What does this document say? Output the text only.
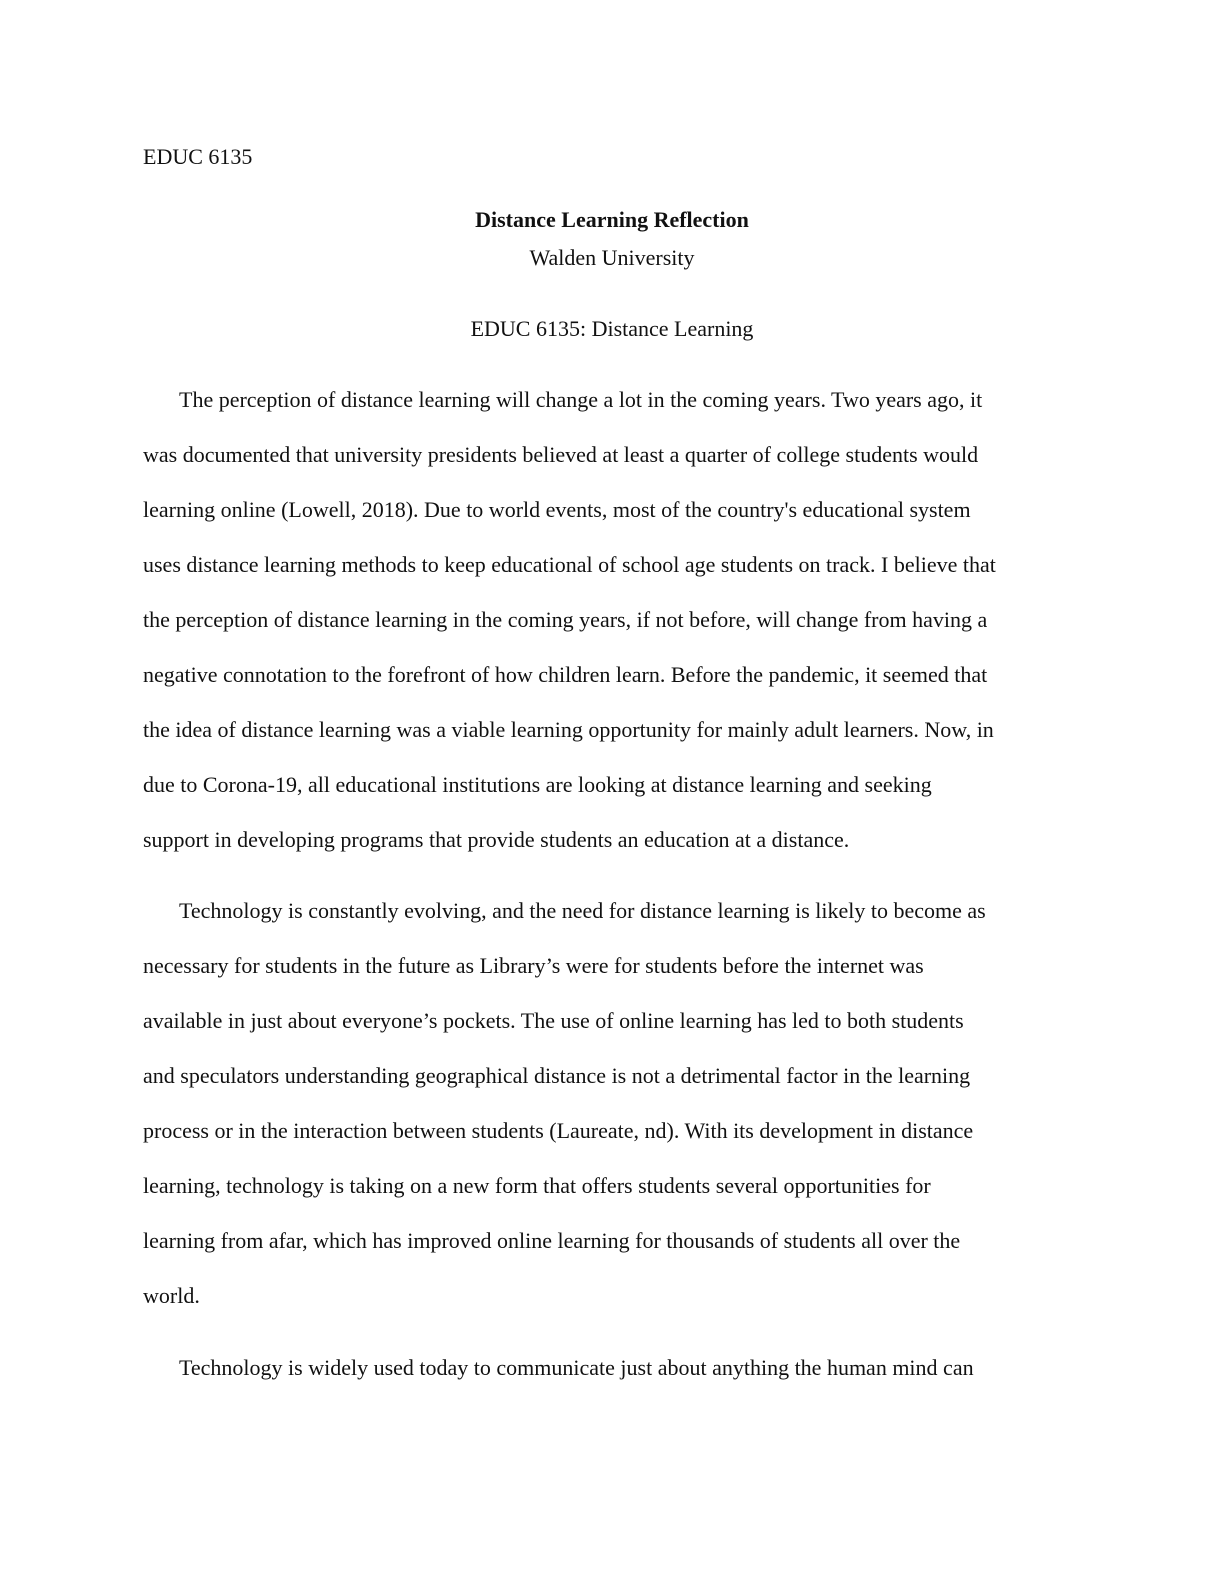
EDUC 6135
Distance Learning Reflection
Walden University
EDUC 6135: Distance Learning
The perception of distance learning will change a lot in the coming years. Two years ago, it
was documented that university presidents believed at least a quarter of college students would
learning online (Lowell, 2018). Due to world events, most of the country's educational system
uses distance learning methods to keep educational of school age students on track. I believe that
the perception of distance learning in the coming years, if not before, will change from having a
negative connotation to the forefront of how children learn. Before the pandemic, it seemed that
the idea of distance learning was a viable learning opportunity for mainly adult learners. Now, in
due to Corona-19, all educational institutions are looking at distance learning and seeking
support in developing programs that provide students an education at a distance.
Technology is constantly evolving, and the need for distance learning is likely to become as
necessary for students in the future as Library’s were for students before the internet was
available in just about everyone’s pockets. The use of online learning has led to both students
and speculators understanding geographical distance is not a detrimental factor in the learning
process or in the interaction between students (Laureate, nd). With its development in distance
learning, technology is taking on a new form that offers students several opportunities for
learning from afar, which has improved online learning for thousands of students all over the
world.
Technology is widely used today to communicate just about anything the human mind can
